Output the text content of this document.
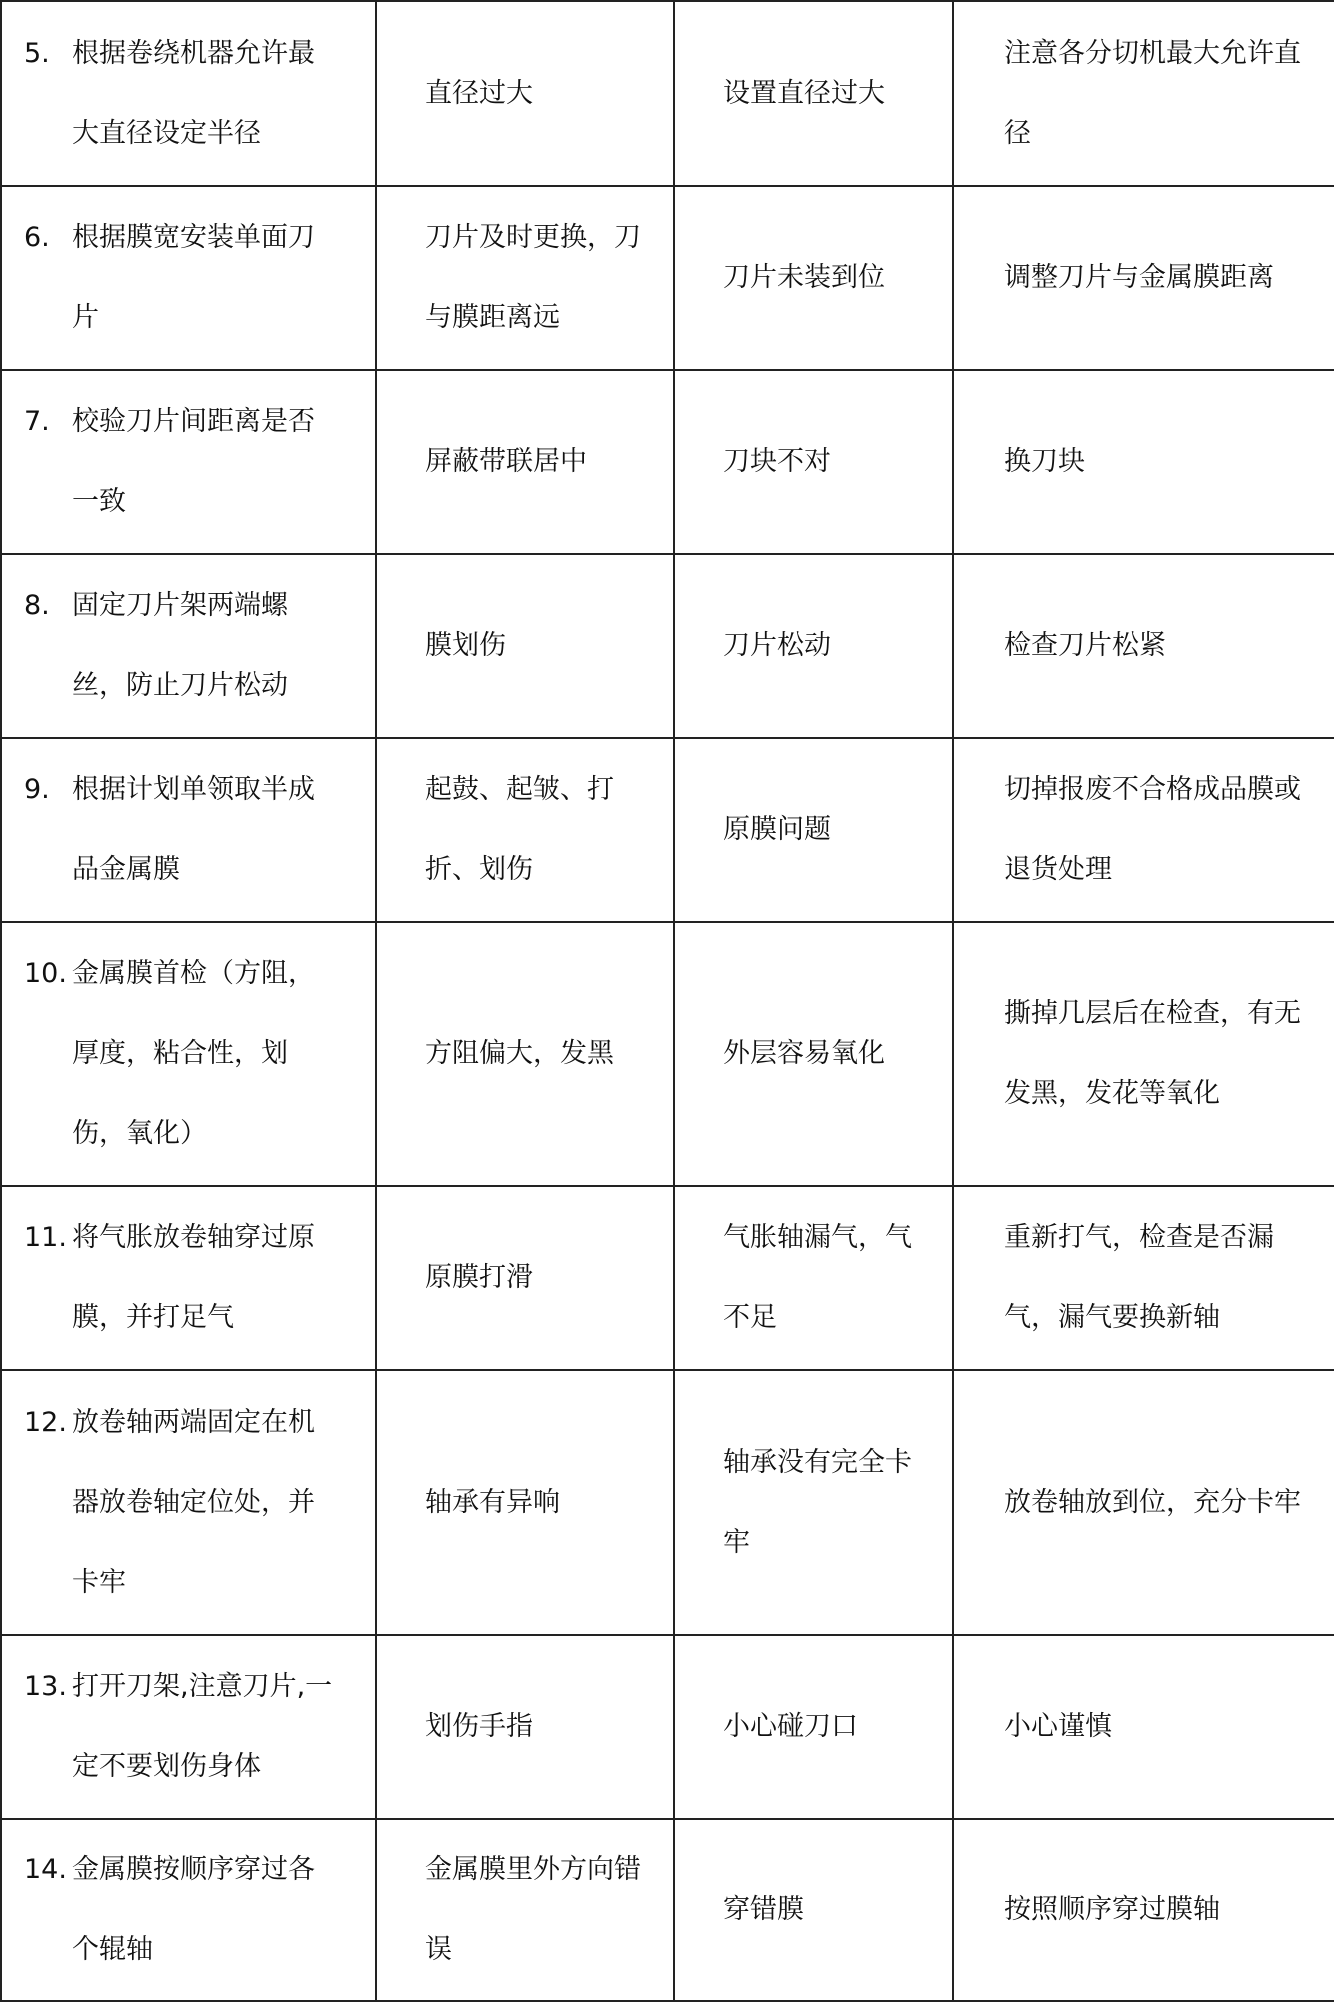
5. 根据卷绕机器允许最大直径设定半径	直径过大	设置直径过大	注意各分切机最大允许直径

6. 根据膜宽安装单面刀片	刀片及时更换，刀与膜距离远	刀片未装到位	调整刀片与金属膜距离

7. 校验刀片间距离是否一致	屏蔽带联居中	刀块不对	换刀块

8. 固定刀片架两端螺丝，防止刀片松动	膜划伤	刀片松动	检查刀片松紧

9. 根据计划单领取半成品金属膜	起鼓、起皱、打折、划伤	原膜问题	切掉报废不合格成品膜或退货处理

10. 金属膜首检（方阻，厚度，粘合性，划伤，氧化）	方阻偏大，发黑	外层容易氧化	撕掉几层后在检查，有无发黑，发花等氧化

11. 将气胀放卷轴穿过原膜，并打足气	原膜打滑	气胀轴漏气，气不足	重新打气，检查是否漏气，漏气要换新轴

12. 放卷轴两端固定在机器放卷轴定位处，并卡牢	轴承有异响	轴承没有完全卡牢	放卷轴放到位，充分卡牢

13. 打开刀架,注意刀片,一定不要划伤身体	划伤手指	小心碰刀口	小心谨慎

14. 金属膜按顺序穿过各个辊轴	金属膜里外方向错误	穿错膜	按照顺序穿过膜轴
